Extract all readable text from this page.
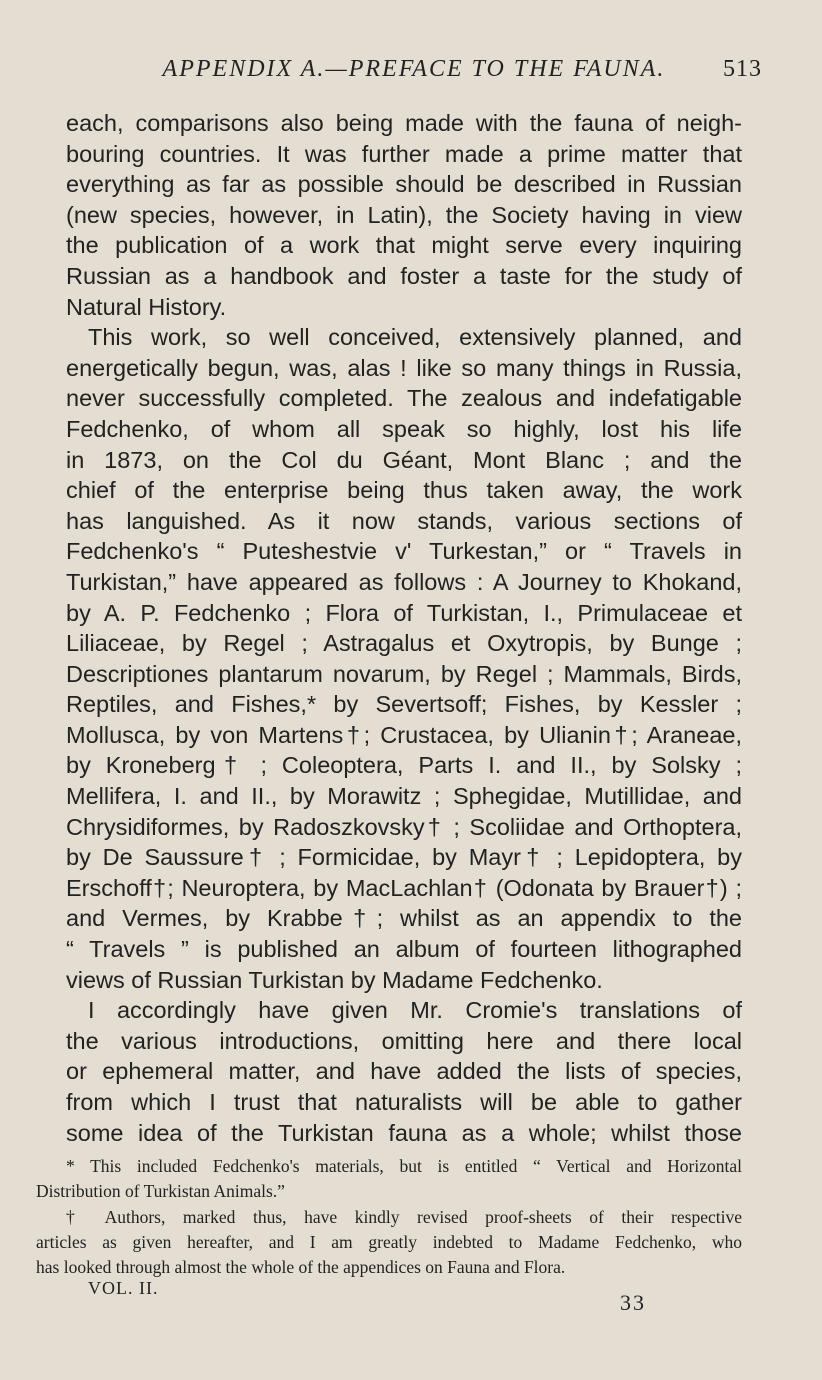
APPENDIX A.—PREFACE TO THE FAUNA. 513
each, comparisons also being made with the fauna of neigh-
bouring countries. It was further made a prime matter that
everything as far as possible should be described in Russian
(new species, however, in Latin), the Society having in view
the publication of a work that might serve every inquiring
Russian as a handbook and foster a taste for the study of
Natural History.
This work, so well conceived, extensively planned, and
energetically begun, was, alas ! like so many things in Russia,
never successfully completed. The zealous and indefatigable
Fedchenko, of whom all speak so highly, lost his life
in 1873, on the Col du Géant, Mont Blanc ; and the
chief of the enterprise being thus taken away, the work
has languished. As it now stands, various sections of
Fedchenko's “ Puteshestvie v' Turkestan,” or “ Travels in
Turkistan,” have appeared as follows : A Journey to Khokand,
by A. P. Fedchenko ; Flora of Turkistan, I., Primulaceae et
Liliaceae, by Regel ; Astragalus et Oxytropis, by Bunge ;
Descriptiones plantarum novarum, by Regel ; Mammals, Birds,
Reptiles, and Fishes,* by Severtsoff; Fishes, by Kessler ;
Mollusca, by von Martens†; Crustacea, by Ulianin†; Araneae,
by Kroneberg† ; Coleoptera, Parts I. and II., by Solsky ;
Mellifera, I. and II., by Morawitz ; Sphegidae, Mutillidae, and
Chrysidiformes, by Radoszkovsky† ; Scoliidae and Orthoptera,
by De Saussure† ; Formicidae, by Mayr† ; Lepidoptera, by
Erschoff†; Neuroptera, by MacLachlan† (Odonata by Brauer†) ;
and Vermes, by Krabbe†; whilst as an appendix to the
“ Travels ” is published an album of fourteen lithographed
views of Russian Turkistan by Madame Fedchenko.
I accordingly have given Mr. Cromie's translations of
the various introductions, omitting here and there local
or ephemeral matter, and have added the lists of species,
from which I trust that naturalists will be able to gather
some idea of the Turkistan fauna as a whole; whilst those
* This included Fedchenko's materials, but is entitled “ Vertical and Horizontal
Distribution of Turkistan Animals.”
† Authors, marked thus, have kindly revised proof-sheets of their respective
articles as given hereafter, and I am greatly indebted to Madame Fedchenko, who
has looked through almost the whole of the appendices on Fauna and Flora.
VOL. II.
33
